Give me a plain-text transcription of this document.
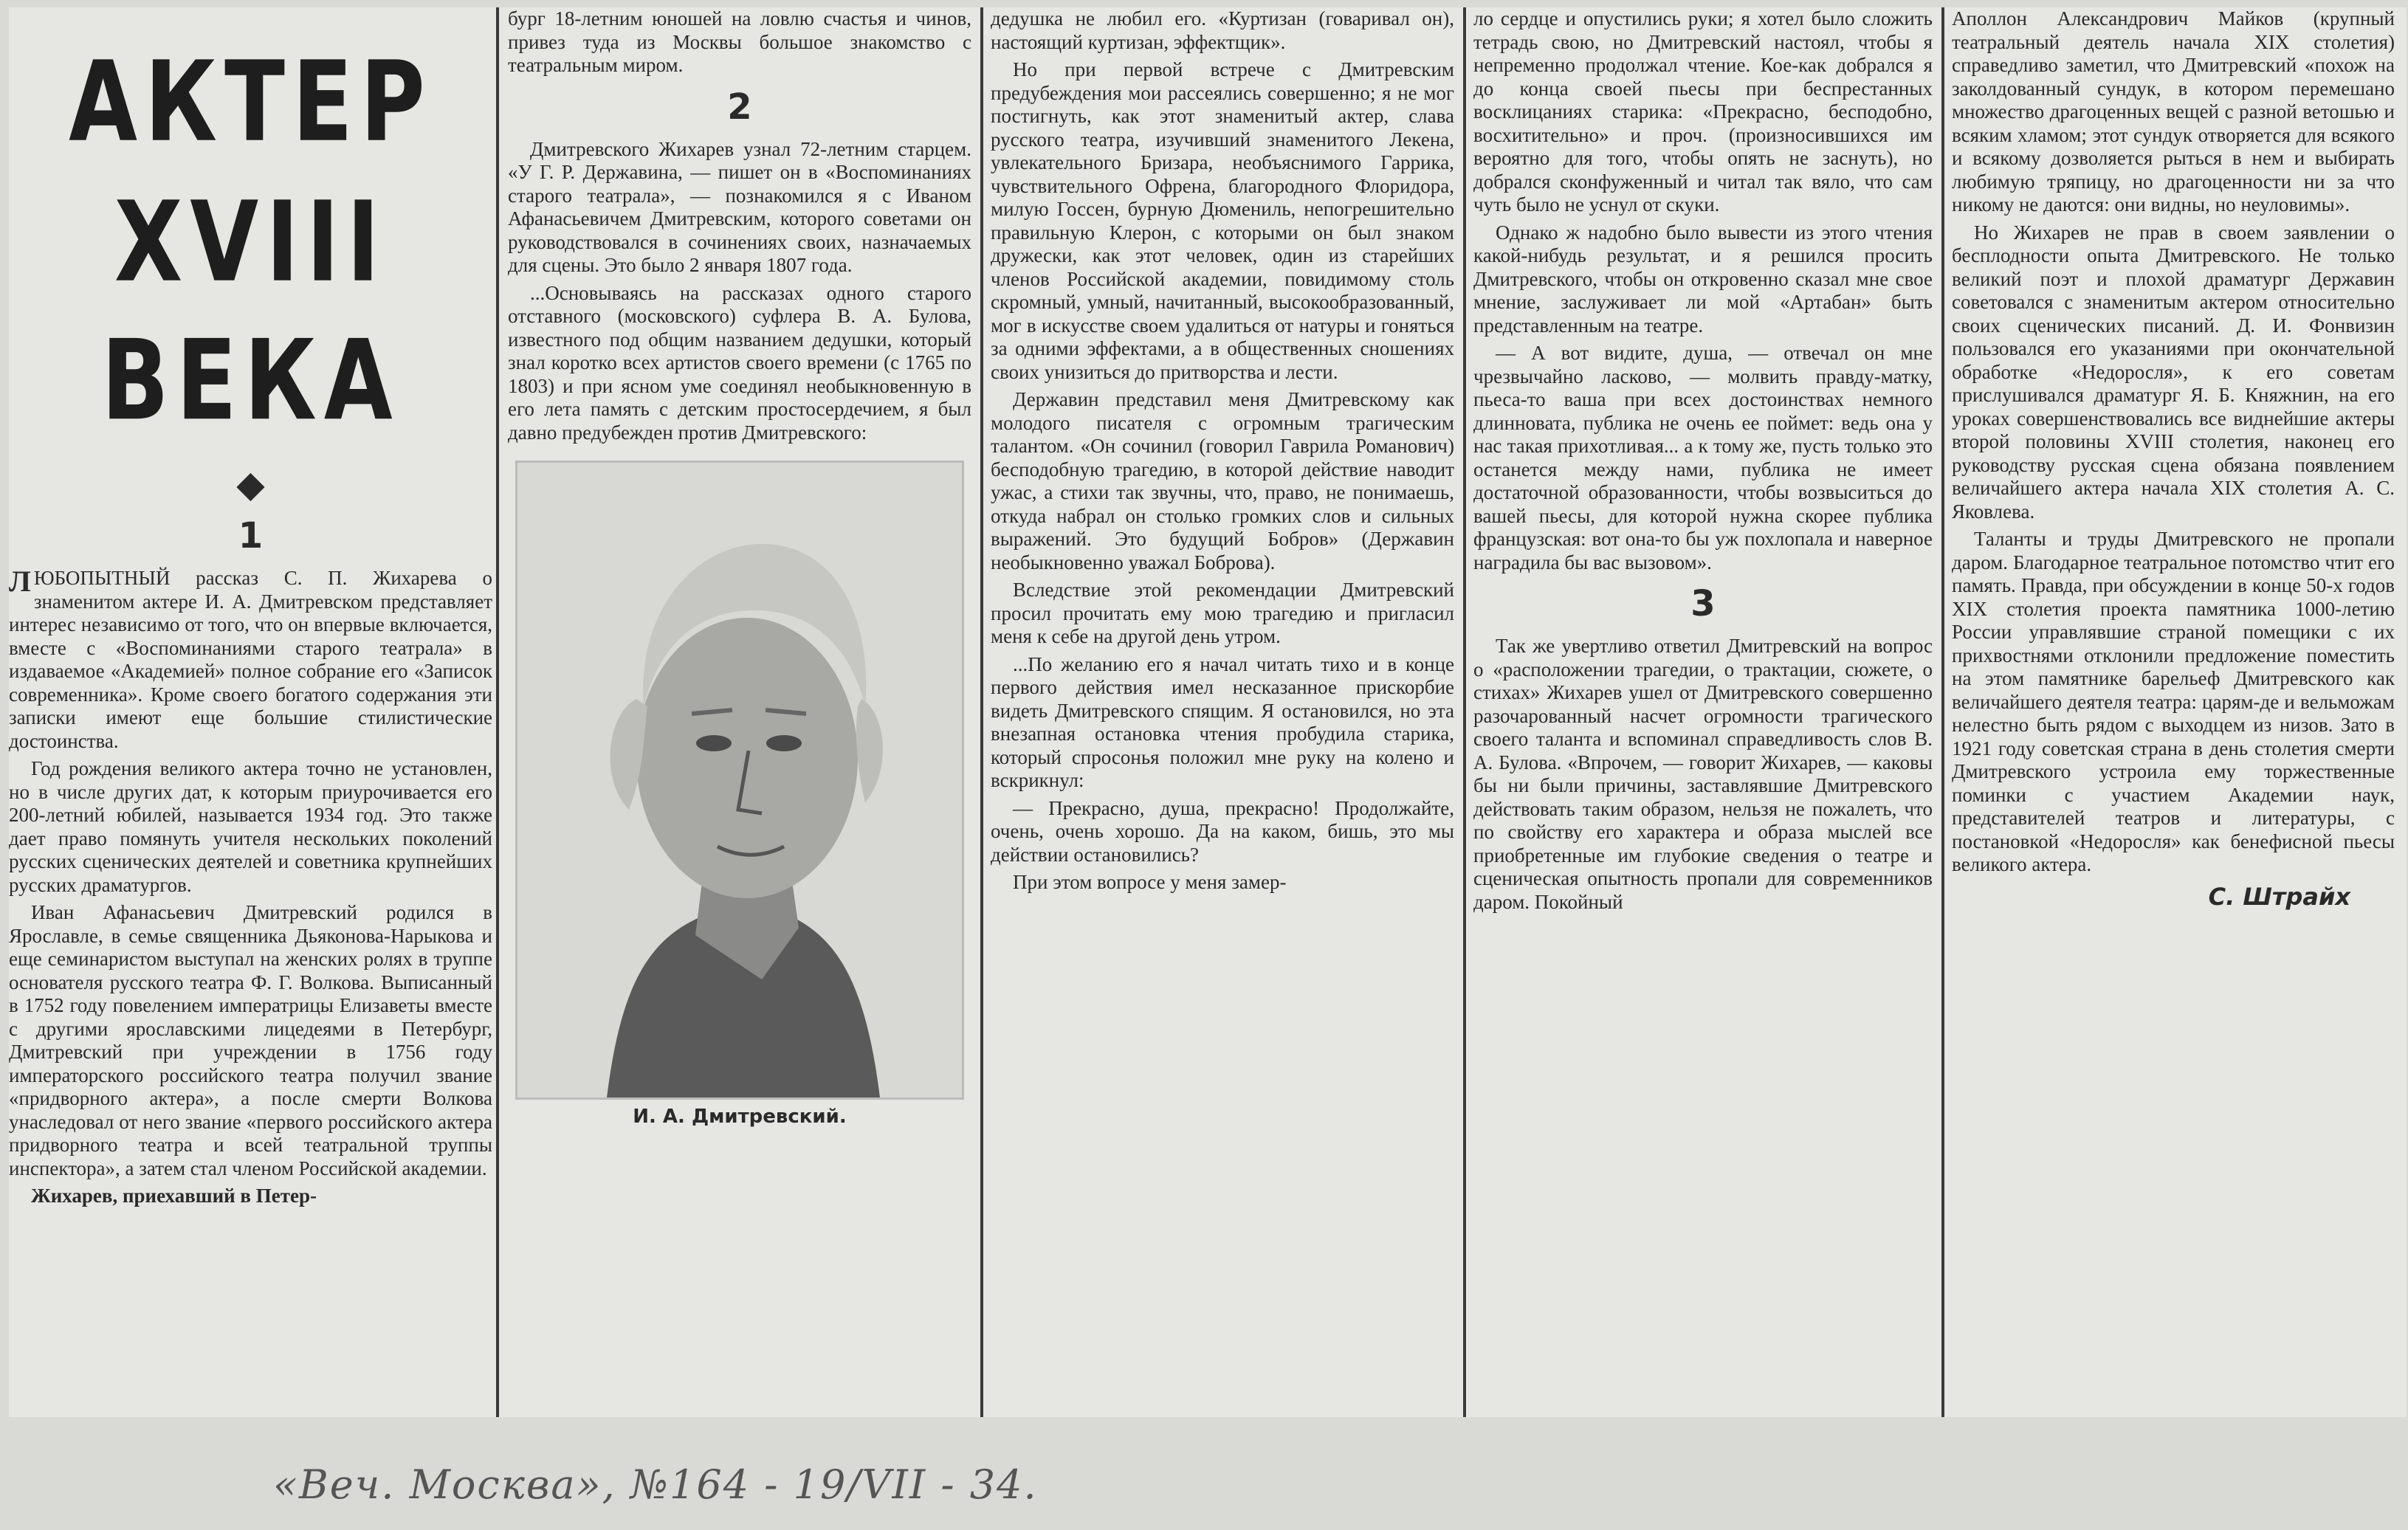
АКТЕР
XVIII ВЕКА
◆
1

Л ЮБОПЫТНЫЙ рассказ С. П. Жихарева о знаменитом актере И. А. Дмитревском представляет интерес независимо от того, что он впервые включается, вместе с «Воспоминаниями старого театрала» в издаваемое «Академией» полное собрание его «Записок современника». Кроме своего богатого содержания эти записки имеют еще большие стилистические достоинства.

Год рождения великого актера точно не установлен, но в числе других дат, к которым приурочивается его 200-летний юбилей, называется 1934 год. Это также дает право помянуть учителя нескольких поколений русских сценических деятелей и советника крупнейших русских драматургов.

Иван Афанасьевич Дмитревский родился в Ярославле, в семье священника Дьяконова-Нарыкова и еще семинаристом выступал на женских ролях в труппе основателя русского театра Ф. Г. Волкова. Выписанный в 1752 году повелением императрицы Елизаветы вместе с другими ярославскими лицедеями в Петербург, Дмитревский при учреждении в 1756 году императорского российского театра получил звание «придворного актера», а после смерти Волкова унаследовал от него звание «первого российского актера придворного театра и всей театральной труппы инспектора», а затем стал членом Российской академии.

Жихарев, приехавший в Петер-

бург 18-летним юношей на ловлю счастья и чинов, привез туда из Москвы большое знакомство с театральным миром.

2

Дмитревского Жихарев узнал 72-летним старцем. «У Г. Р. Державина, — пишет он в «Воспоминаниях старого театрала», — познакомился я с Иваном Афанасьевичем Дмитревским, которого советами он руководствовался в сочинениях своих, назначаемых для сцены. Это было 2 января 1807 года.

...Основываясь на рассказах одного старого отставного (московского) суфлера В. А. Булова, известного под общим названием дедушки, который знал коротко всех артистов своего времени (с 1765 по 1803) и при ясном уме соединял необыкновенную в его лета память с детским простосердечием, я был давно предубежден против Дмитревского:

И. А. Дмитревский.

дедушка не любил его. «Куртизан (говаривал он), настоящий куртизан, эффектщик».

Но при первой встрече с Дмитревским предубеждения мои рассеялись совершенно; я не мог постигнуть, как этот знаменитый актер, слава русского театра, изучивший знаменитого Лекена, увлекательного Бризара, необъяснимого Гаррика, чувствительного Офрена, благородного Флоридора, милую Госсен, бурную Дюмениль, непогрешительно правильную Клерон, с которыми он был знаком дружески, как этот человек, один из старейших членов Российской академии, повидимому столь скромный, умный, начитанный, высокообразованный, мог в искусстве своем удалиться от натуры и гоняться за одними эффектами, а в общественных сношениях своих унизиться до притворства и лести.

Державин представил меня Дмитревскому как молодого писателя с огромным трагическим талантом. «Он сочинил (говорил Гаврила Романович) бесподобную трагедию, в которой действие наводит ужас, а стихи так звучны, что, право, не понимаешь, откуда набрал он столько громких слов и сильных выражений. Это будущий Бобров» (Державин необыкновенно уважал Боброва).

Вследствие этой рекомендации Дмитревский просил прочитать ему мою трагедию и пригласил меня к себе на другой день утром.

...По желанию его я начал читать тихо и в конце первого действия имел несказанное прискорбие видеть Дмитревского спящим. Я остановился, но эта внезапная остановка чтения пробудила старика, который спросонья положил мне руку на колено и вскрикнул:

— Прекрасно, душа, прекрасно! Продолжайте, очень, очень хорошо. Да на каком, бишь, это мы действии остановились?

При этом вопросе у меня замер-

ло сердце и опустились руки; я хотел было сложить тетрадь свою, но Дмитревский настоял, чтобы я непременно продолжал чтение. Кое-как добрался я до конца своей пьесы при беспрестанных восклицаниях старика: «Прекрасно, бесподобно, восхитительно» и проч. (произносившихся им вероятно для того, чтобы опять не заснуть), но добрался сконфуженный и читал так вяло, что сам чуть было не уснул от скуки.

Однако ж надобно было вывести из этого чтения какой-нибудь результат, и я решился просить Дмитревского, чтобы он откровенно сказал мне свое мнение, заслуживает ли мой «Артабан» быть представленным на театре.

— А вот видите, душа, — отвечал он мне чрезвычайно ласково, — молвить правду-матку, пьеса-то ваша при всех достоинствах немного длинновата, публика не очень ее поймет: ведь она у нас такая прихотливая... а к тому же, пусть только это останется между нами, публика не имеет достаточной образованности, чтобы возвыситься до вашей пьесы, для которой нужна скорее публика французская: вот она-то бы уж похлопала и наверное наградила бы вас вызовом».

3

Так же увертливо ответил Дмитревский на вопрос о «расположении трагедии, о трактации, сюжете, о стихах» Жихарев ушел от Дмитревского совершенно разочарованный насчет огромности трагического своего таланта и вспоминал справедливость слов В. А. Булова. «Впрочем, — говорит Жихарев, — каковы бы ни были причины, заставлявшие Дмитревского действовать таким образом, нельзя не пожалеть, что по свойству его характера и образа мыслей все приобретенные им глубокие сведения о театре и сценическая опытность пропали для современников даром. Покойный

Аполлон Александрович Майков (крупный театральный деятель начала XIX столетия) справедливо заметил, что Дмитревский «похож на заколдованный сундук, в котором перемешано множество драгоценных вещей с разной ветошью и всяким хламом; этот сундук отворяется для всякого и всякому дозволяется рыться в нем и выбирать любимую тряпицу, но драгоценности ни за что никому не даются: они видны, но неуловимы».

Но Жихарев не прав в своем заявлении о бесплодности опыта Дмитревского. Не только великий поэт и плохой драматург Державин советовался с знаменитым актером относительно своих сценических писаний. Д. И. Фонвизин пользовался его указаниями при окончательной обработке «Недоросля», к его советам прислушивался драматург Я. Б. Княжнин, на его уроках совершенствовались все виднейшие актеры второй половины XVIII столетия, наконец его руководству русская сцена обязана появлением величайшего актера начала XIX столетия А. С. Яковлева.

Таланты и труды Дмитревского не пропали даром. Благодарное театральное потомство чтит его память. Правда, при обсуждении в конце 50-х годов XIX столетия проекта памятника 1000-летию России управлявшие страной помещики с их прихвостнями отклонили предложение поместить на этом памятнике барельеф Дмитревского как величайшего деятеля театра: царям-де и вельможам нелестно быть рядом с выходцем из низов. Зато в 1921 году советская страна в день столетия смерти Дмитревского устроила ему торжественные поминки с участием Академии наук, представителей театров и литературы, с постановкой «Недоросля» как бенефисной пьесы великого актера.

С. Штрайх
«Веч. Москва», №164 - 19/VII - 34.
